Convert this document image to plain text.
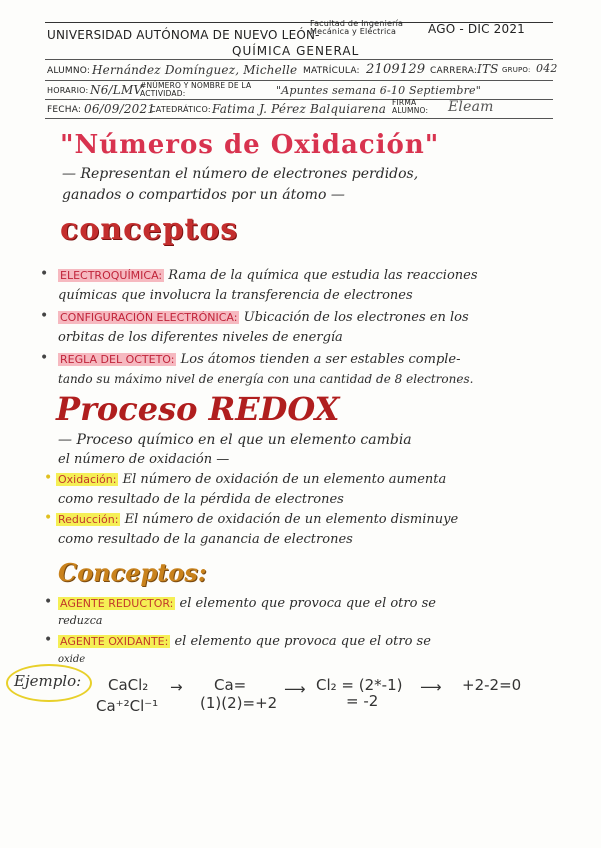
UNIVERSIDAD AUTÓNOMA DE NUEVO LEÓN-
Facultad de Ingeniería Mecánica y Eléctrica	AGO - DIC 2021
QUÍMICA GENERAL
ALUMNO: Hernández Domínguez, Michelle MATRÍCULA: 2109129 CARRERA: ITS GRUPO: 042
HORARIO: N6/LMV
#NÚMERO Y NOMBRE DE LA ACTIVIDAD:	"Apuntes semana 6-10 Septiembre"
FECHA: 06/09/2021
CATEDRÁTICO: Fatima J. Pérez Balquiarena FIRMA ALUMNO:	Eleam
"Números de Oxidación"
— Representan el número de electrones perdidos,
ganados o compartidos por un átomo —
conceptos
• ELECTROQUÍMICA: Rama de la química que estudia las reacciones
químicas que involucra la transferencia de electrones
• CONFIGURACIÓN ELECTRÓNICA: Ubicación de los electrones en los
orbitas de los diferentes niveles de energía
• REGLA DEL OCTETO: Los átomos tienden a ser estables comple-
tando su máximo nivel de energía con una cantidad de 8 electrones.
Proceso REDOX
— Proceso químico en el que un elemento cambia
el número de oxidación —
• Oxidación: El número de oxidación de un elemento aumenta
como resultado de la pérdida de electrones
• Reducción: El número de oxidación de un elemento disminuye
como resultado de la ganancia de electrones
Conceptos:
• AGENTE REDUCTOR: el elemento que provoca que el otro se
reduzca
• AGENTE OXIDANTE: el elemento que provoca que el otro se
oxide
Ejemplo: CaCl₂
Ca⁺²Cl⁻¹
→ Ca=
(1)(2)=+2
⟶ Cl₂ = (2*-1)
= -2
⟶ +2-2=0
